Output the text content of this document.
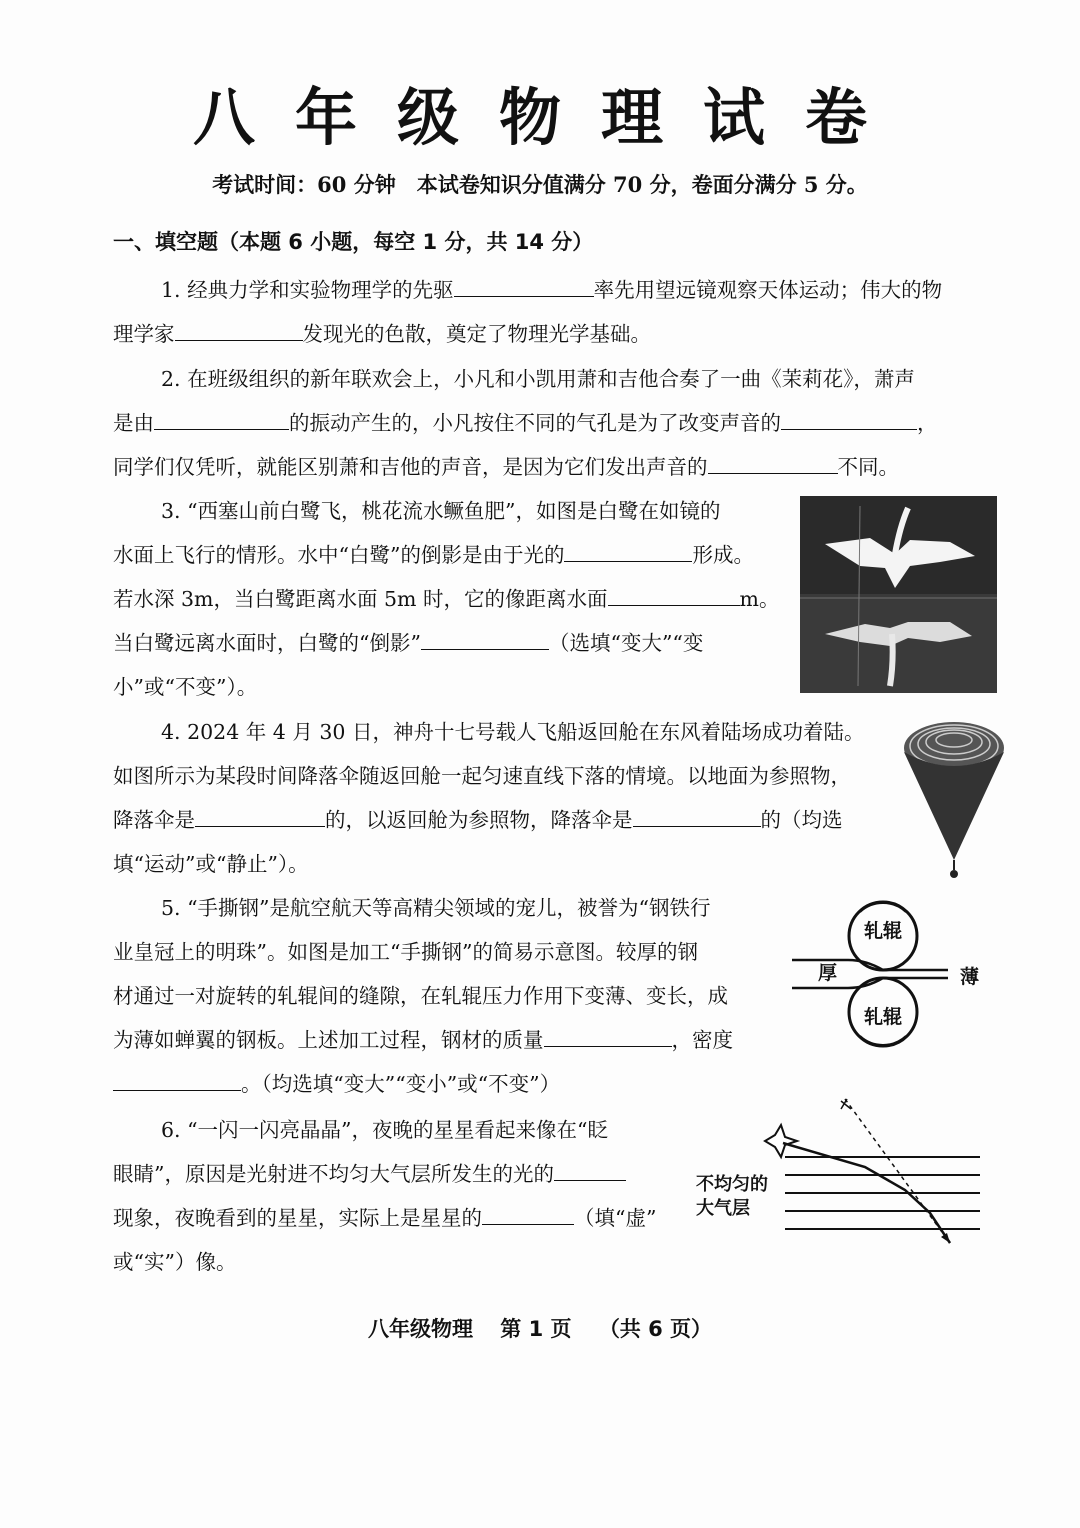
八年级物理试卷
考试时间：60 分钟　本试卷知识分值满分 70 分，卷面分满分 5 分。
一、填空题（本题 6 小题，每空 1 分，共 14 分）

1. 经典力学和实验物理学的先驱	率先用望远镜观察天体运动；伟大的物

理学家	发现光的色散，奠定了物理光学基础。

2. 在班级组织的新年联欢会上，小凡和小凯用萧和吉他合奏了一曲《茉莉花》，萧声

是由	的振动产生的，小凡按住不同的气孔是为了改变声音的	，

同学们仅凭听，就能区别萧和吉他的声音，是因为它们发出声音的	不同。

3. “西塞山前白鹭飞，桃花流水鳜鱼肥”，如图是白鹭在如镜的

水面上飞行的情形。水中“白鹭”的倒影是由于光的	形成。

若水深 3m，当白鹭距离水面 5m 时，它的像距离水面	m。

当白鹭远离水面时，白鹭的“倒影”	（选填“变大”“变

小”或“不变”）。

4. 2024 年 4 月 30 日，神舟十七号载人飞船返回舱在东风着陆场成功着陆。

如图所示为某段时间降落伞随返回舱一起匀速直线下落的情境。以地面为参照物，

降落伞是	的，以返回舱为参照物，降落伞是	的（均选

填“运动”或“静止”）。

5. “手撕钢”是航空航天等高精尖领域的宠儿，被誉为“钢铁行

业皇冠上的明珠”。如图是加工“手撕钢”的简易示意图。较厚的钢

材通过一对旋转的轧辊间的缝隙，在轧辊压力作用下变薄、变长，成

为薄如蝉翼的钢板。上述加工过程，钢材的质量	，密度

。（均选填“变大”“变小”或“不变”）

轧辊
轧辊
厚	薄

6. “一闪一闪亮晶晶”，夜晚的星星看起来像在“眨

眼睛”，原因是光射进不均匀大气层所发生的光的

现象，夜晚看到的星星，实际上是星星的	（填“虚”

或“实”）像。

不均匀的
大气层
八年级物理 第 1 页 （共 6 页）
